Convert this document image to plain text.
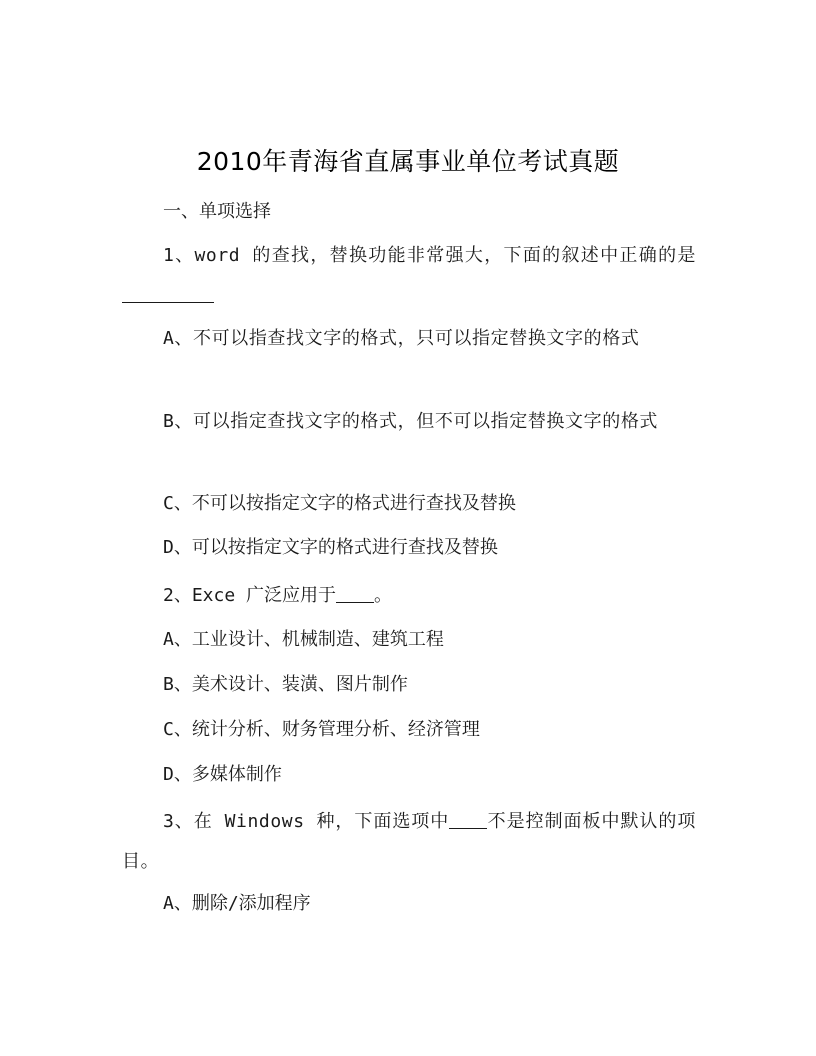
2010年青海省直属事业单位考试真题

一、单项选择

1、word 的查找，替换功能非常强大，下面的叙述中正确的是

A、不可以指查找文字的格式，只可以指定替换文字的格式

B、可以指定查找文字的格式，但不可以指定替换文字的格式

C、不可以按指定文字的格式进行查找及替换

D、可以按指定文字的格式进行查找及替换

2、Exce 广泛应用于 。

A、工业设计、机械制造、建筑工程

B、美术设计、装潢、图片制作

C、统计分析、财务管理分析、经济管理

D、多媒体制作

3、在 Windows 种，下面选项中 不是控制面板中默认的项目。

A、删除/添加程序
